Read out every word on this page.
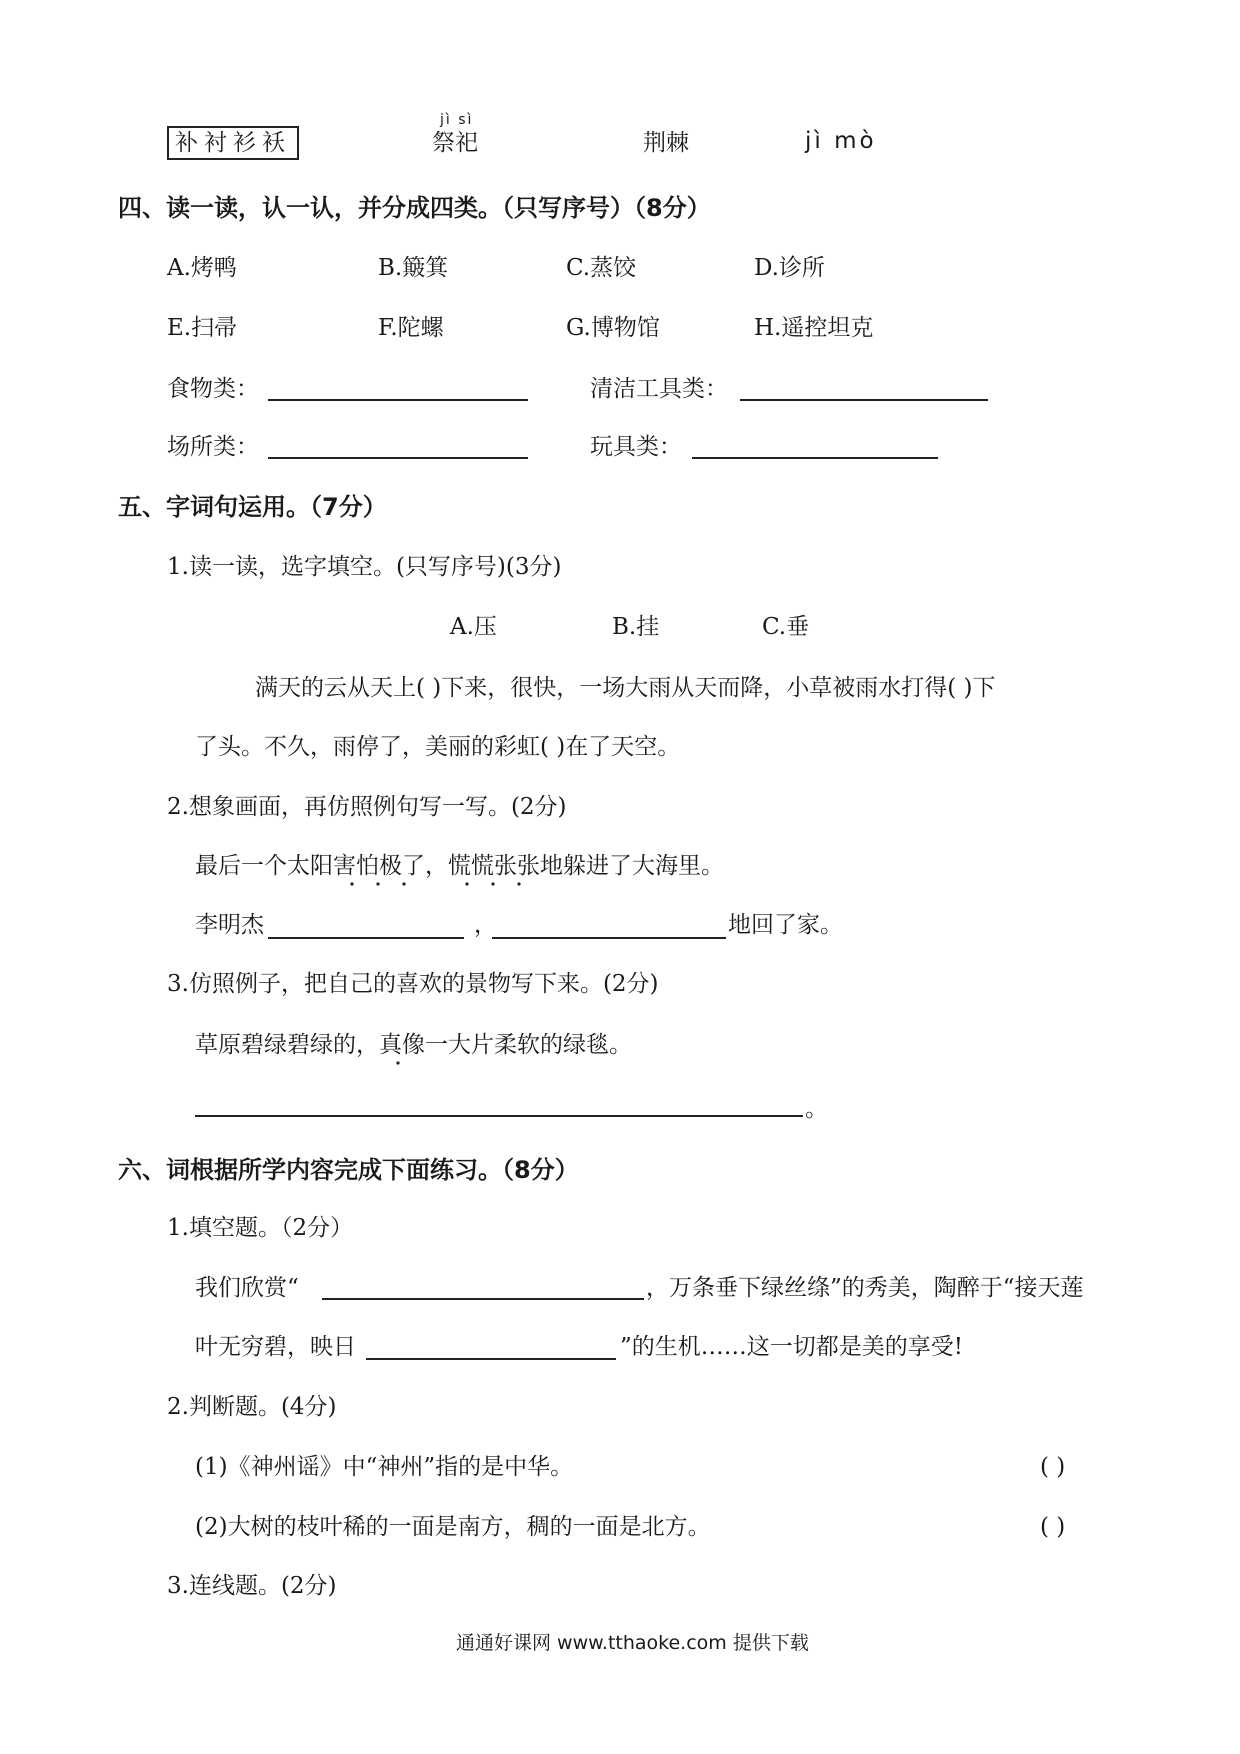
补衬衫袄
jì sì
祭祀	荆棘	jì mò
四、读一读，认一认，并分成四类。（只写序号）（8分）
A.烤鸭	B.簸箕	C.蒸饺	D.诊所
E.扫帚	F.陀螺	G.博物馆	H.遥控坦克
食物类：	清洁工具类：
场所类：	玩具类：
五、字词句运用。（7分）
1.读一读，选字填空。(只写序号)(3分)
A.压	B.挂	C.垂
满天的云从天上( )下来，很快，一场大雨从天而降，小草被雨水打得( )下
了头。不久，雨停了，美丽的彩虹( )在了天空。
2.想象画面，再仿照例句写一写。(2分)
最后一个太阳害怕极了，慌慌张张地躲进了大海里。
李明杰	，	地回了家。
3.仿照例子，把自己的喜欢的景物写下来。(2分)
草原碧绿碧绿的，真像一大片柔软的绿毯。
。
六、词根据所学内容完成下面练习。（8分）
1.填空题。（2分）
我们欣赏“	，万条垂下绿丝绦”的秀美，陶醉于“接天莲
叶无穷碧，映日	”的生机……这一切都是美的享受!
2.判断题。(4分)
(1)《神州谣》中“神州”指的是中华。	( )
(2)大树的枝叶稀的一面是南方，稠的一面是北方。	( )
3.连线题。(2分)
通通好课网 www.tthaoke.com 提供下载
